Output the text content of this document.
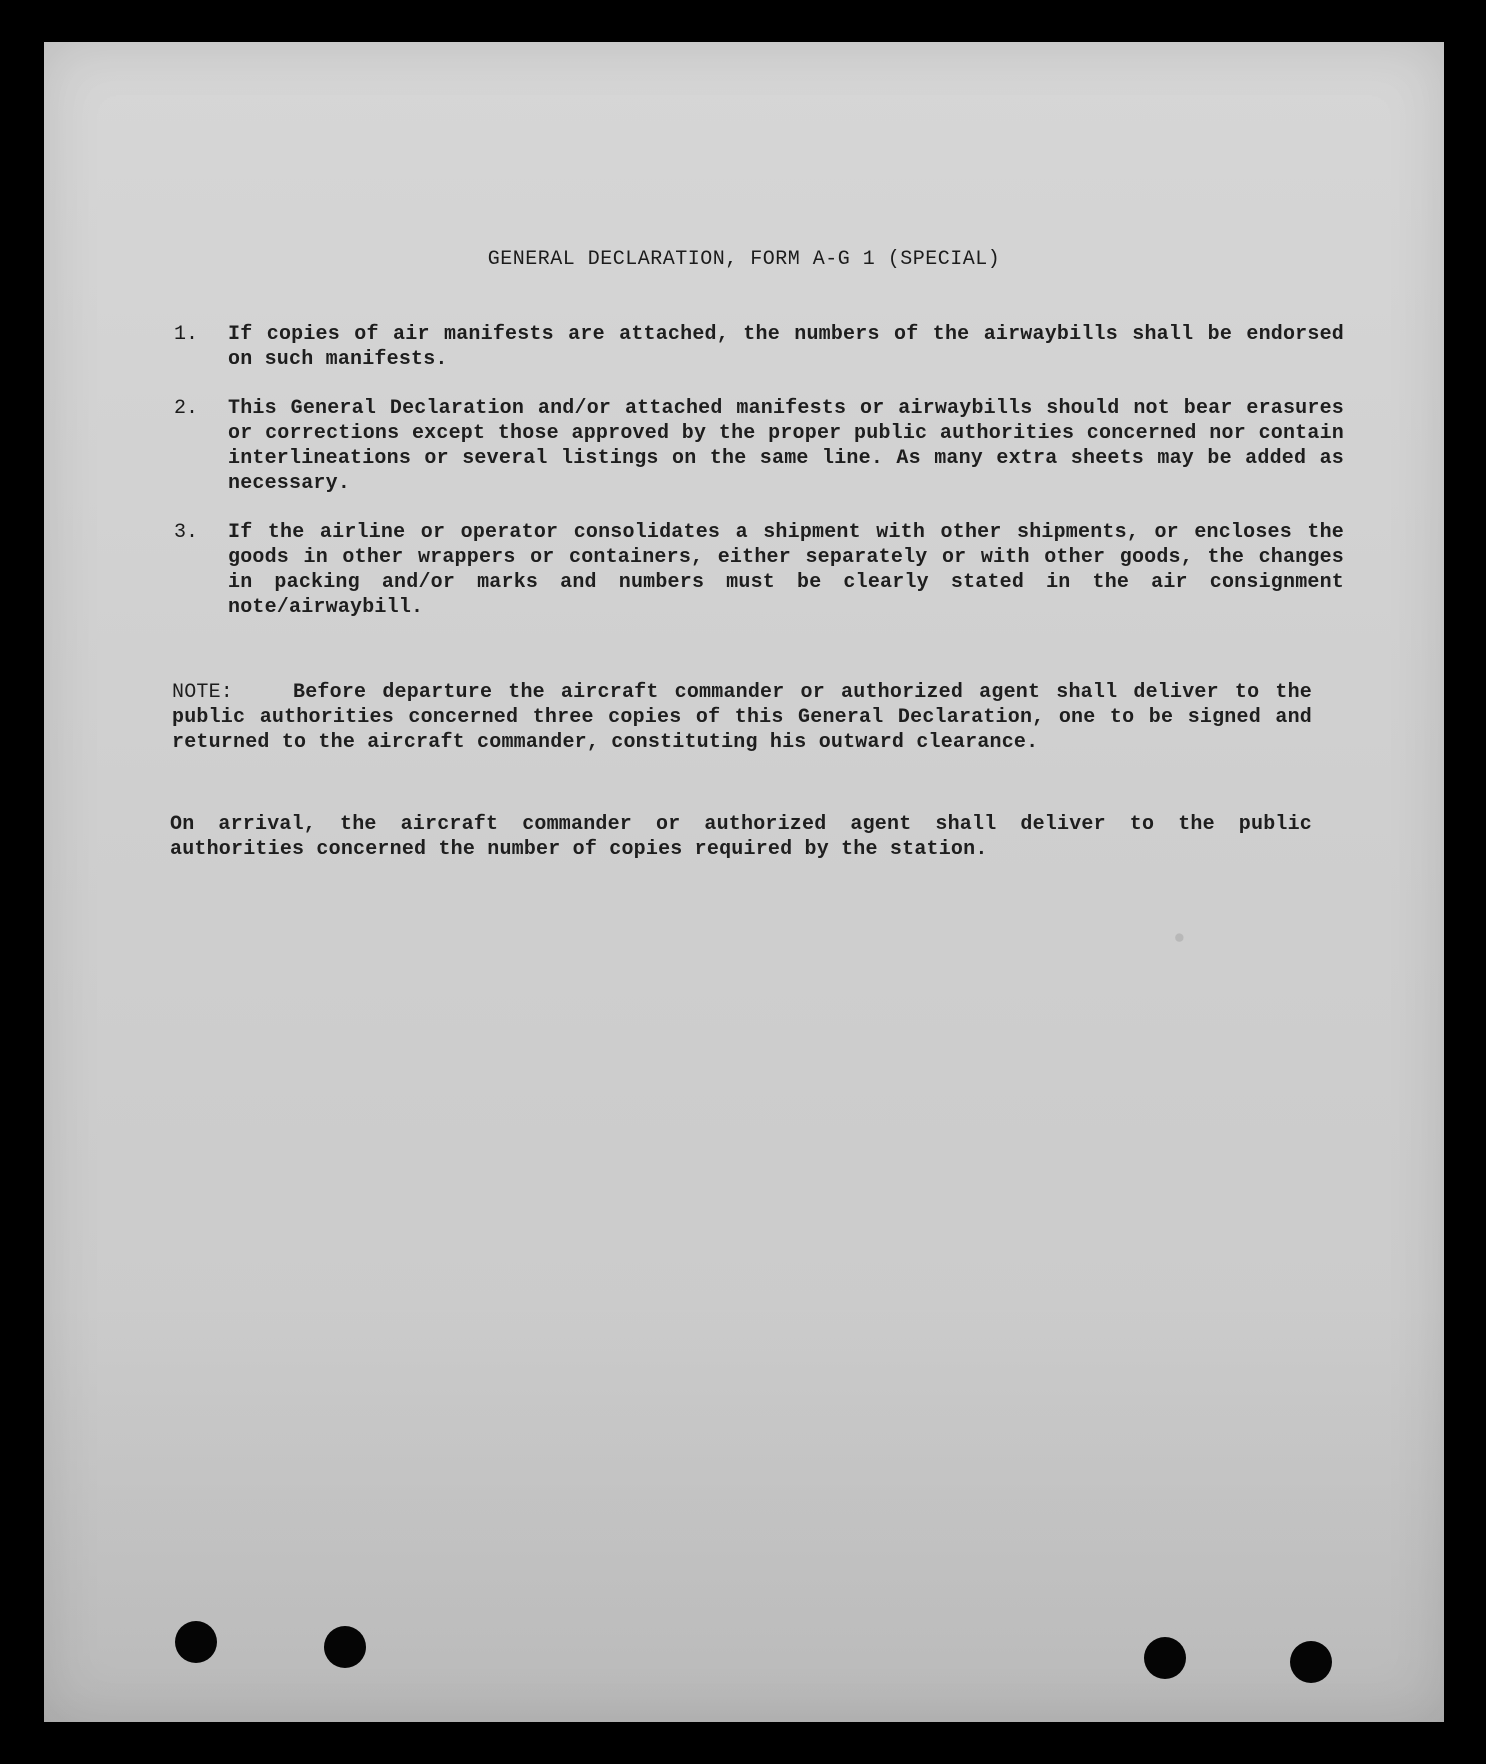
GENERAL DECLARATION, FORM A-G 1 (SPECIAL)
1.	If copies of air manifests are attached, the numbers of the airwaybills shall be endorsed on such manifests.
2.	This General Declaration and/or attached manifests or airwaybills should not bear erasures or corrections except those approved by the proper public authorities concerned nor contain interlineations or several listings on the same line. As many extra sheets may be added as necessary.
3.	If the airline or operator consolidates a shipment with other shipments, or encloses the goods in other wrappers or containers, either separately or with other goods, the changes in packing and/or marks and numbers must be clearly stated in the air consignment note/airwaybill.
NOTE:	Before departure the aircraft commander or authorized agent shall deliver to the public authorities concerned three copies of this General Declaration, one to be signed and returned to the aircraft commander, constituting his outward clearance.
On arrival, the aircraft commander or authorized agent shall deliver to the public authorities concerned the number of copies required by the station.
∙
